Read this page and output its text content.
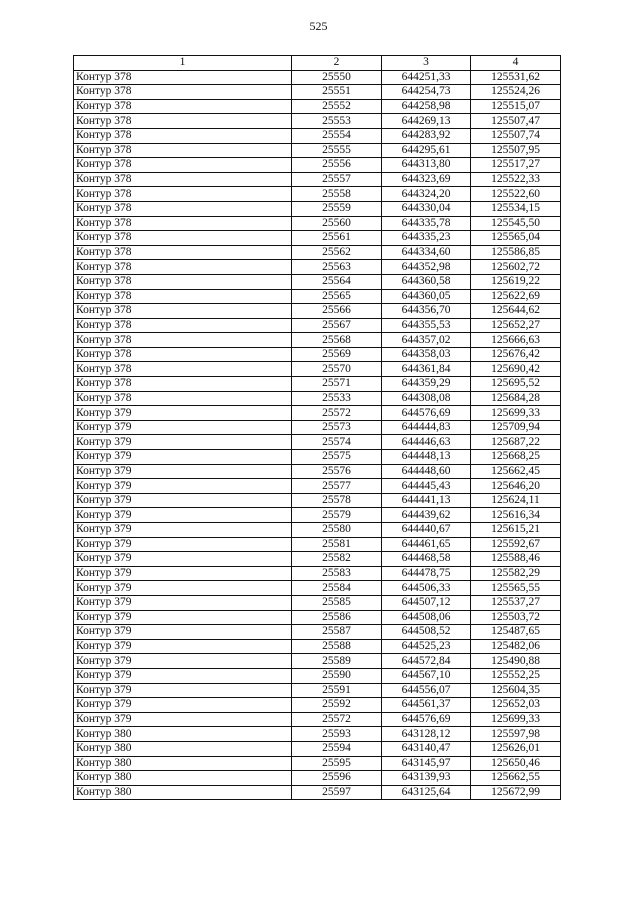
525
1	2	3	4
Контур 378	25550	644251,33	125531,62
Контур 378	25551	644254,73	125524,26
Контур 378	25552	644258,98	125515,07
Контур 378	25553	644269,13	125507,47
Контур 378	25554	644283,92	125507,74
Контур 378	25555	644295,61	125507,95
Контур 378	25556	644313,80	125517,27
Контур 378	25557	644323,69	125522,33
Контур 378	25558	644324,20	125522,60
Контур 378	25559	644330,04	125534,15
Контур 378	25560	644335,78	125545,50
Контур 378	25561	644335,23	125565,04
Контур 378	25562	644334,60	125586,85
Контур 378	25563	644352,98	125602,72
Контур 378	25564	644360,58	125619,22
Контур 378	25565	644360,05	125622,69
Контур 378	25566	644356,70	125644,62
Контур 378	25567	644355,53	125652,27
Контур 378	25568	644357,02	125666,63
Контур 378	25569	644358,03	125676,42
Контур 378	25570	644361,84	125690,42
Контур 378	25571	644359,29	125695,52
Контур 378	25533	644308,08	125684,28
Контур 379	25572	644576,69	125699,33
Контур 379	25573	644444,83	125709,94
Контур 379	25574	644446,63	125687,22
Контур 379	25575	644448,13	125668,25
Контур 379	25576	644448,60	125662,45
Контур 379	25577	644445,43	125646,20
Контур 379	25578	644441,13	125624,11
Контур 379	25579	644439,62	125616,34
Контур 379	25580	644440,67	125615,21
Контур 379	25581	644461,65	125592,67
Контур 379	25582	644468,58	125588,46
Контур 379	25583	644478,75	125582,29
Контур 379	25584	644506,33	125565,55
Контур 379	25585	644507,12	125537,27
Контур 379	25586	644508,06	125503,72
Контур 379	25587	644508,52	125487,65
Контур 379	25588	644525,23	125482,06
Контур 379	25589	644572,84	125490,88
Контур 379	25590	644567,10	125552,25
Контур 379	25591	644556,07	125604,35
Контур 379	25592	644561,37	125652,03
Контур 379	25572	644576,69	125699,33
Контур 380	25593	643128,12	125597,98
Контур 380	25594	643140,47	125626,01
Контур 380	25595	643145,97	125650,46
Контур 380	25596	643139,93	125662,55
Контур 380	25597	643125,64	125672,99
